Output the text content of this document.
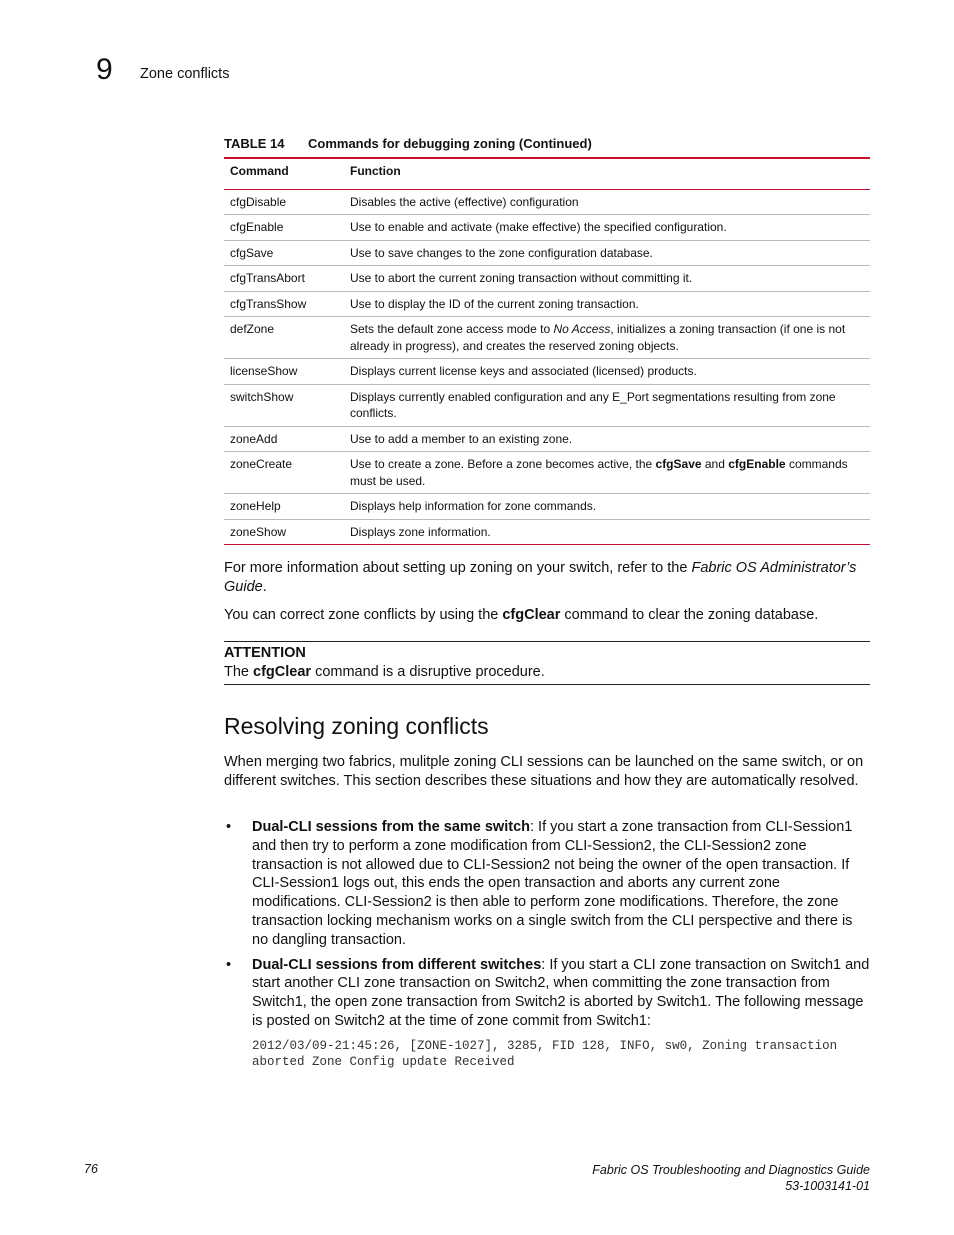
9 Zone conflicts
TABLE 14 Commands for debugging zoning (Continued)
Command	Function
cfgDisable	Disables the active (effective) configuration
cfgEnable	Use to enable and activate (make effective) the specified configuration.
cfgSave	Use to save changes to the zone configuration database.
cfgTransAbort	Use to abort the current zoning transaction without committing it.
cfgTransShow	Use to display the ID of the current zoning transaction.
defZone	Sets the default zone access mode to No Access, initializes a zoning transaction (if one is not already in progress), and creates the reserved zoning objects.
licenseShow	Displays current license keys and associated (licensed) products.
switchShow	Displays currently enabled configuration and any E_Port segmentations resulting from zone conflicts.
zoneAdd	Use to add a member to an existing zone.
zoneCreate	Use to create a zone. Before a zone becomes active, the cfgSave and cfgEnable commands must be used.
zoneHelp	Displays help information for zone commands.
zoneShow	Displays zone information.
For more information about setting up zoning on your switch, refer to the Fabric OS Administrator’s Guide.
You can correct zone conflicts by using the cfgClear command to clear the zoning database.
ATTENTION
The cfgClear command is a disruptive procedure.
Resolving zoning conflicts
When merging two fabrics, mulitple zoning CLI sessions can be launched on the same switch, or on different switches. This section describes these situations and how they are automatically resolved.
• Dual-CLI sessions from the same switch: If you start a zone transaction from CLI-Session1 and then try to perform a zone modification from CLI-Session2, the CLI-Session2 zone transaction is not allowed due to CLI-Session2 not being the owner of the open transaction. If CLI-Session1 logs out, this ends the open transaction and aborts any current zone modifications. CLI-Session2 is then able to perform zone modifications. Therefore, the zone transaction locking mechanism works on a single switch from the CLI perspective and there is no dangling transaction.
• Dual-CLI sessions from different switches: If you start a CLI zone transaction on Switch1 and start another CLI zone transaction on Switch2, when committing the zone transaction from Switch1, the open zone transaction from Switch2 is aborted by Switch1. The following message is posted on Switch2 at the time of zone commit from Switch1:
2012/03/09-21:45:26, [ZONE-1027], 3285, FID 128, INFO, sw0, Zoning transaction
aborted Zone Config update Received
76	Fabric OS Troubleshooting and Diagnostics Guide
53-1003141-01
